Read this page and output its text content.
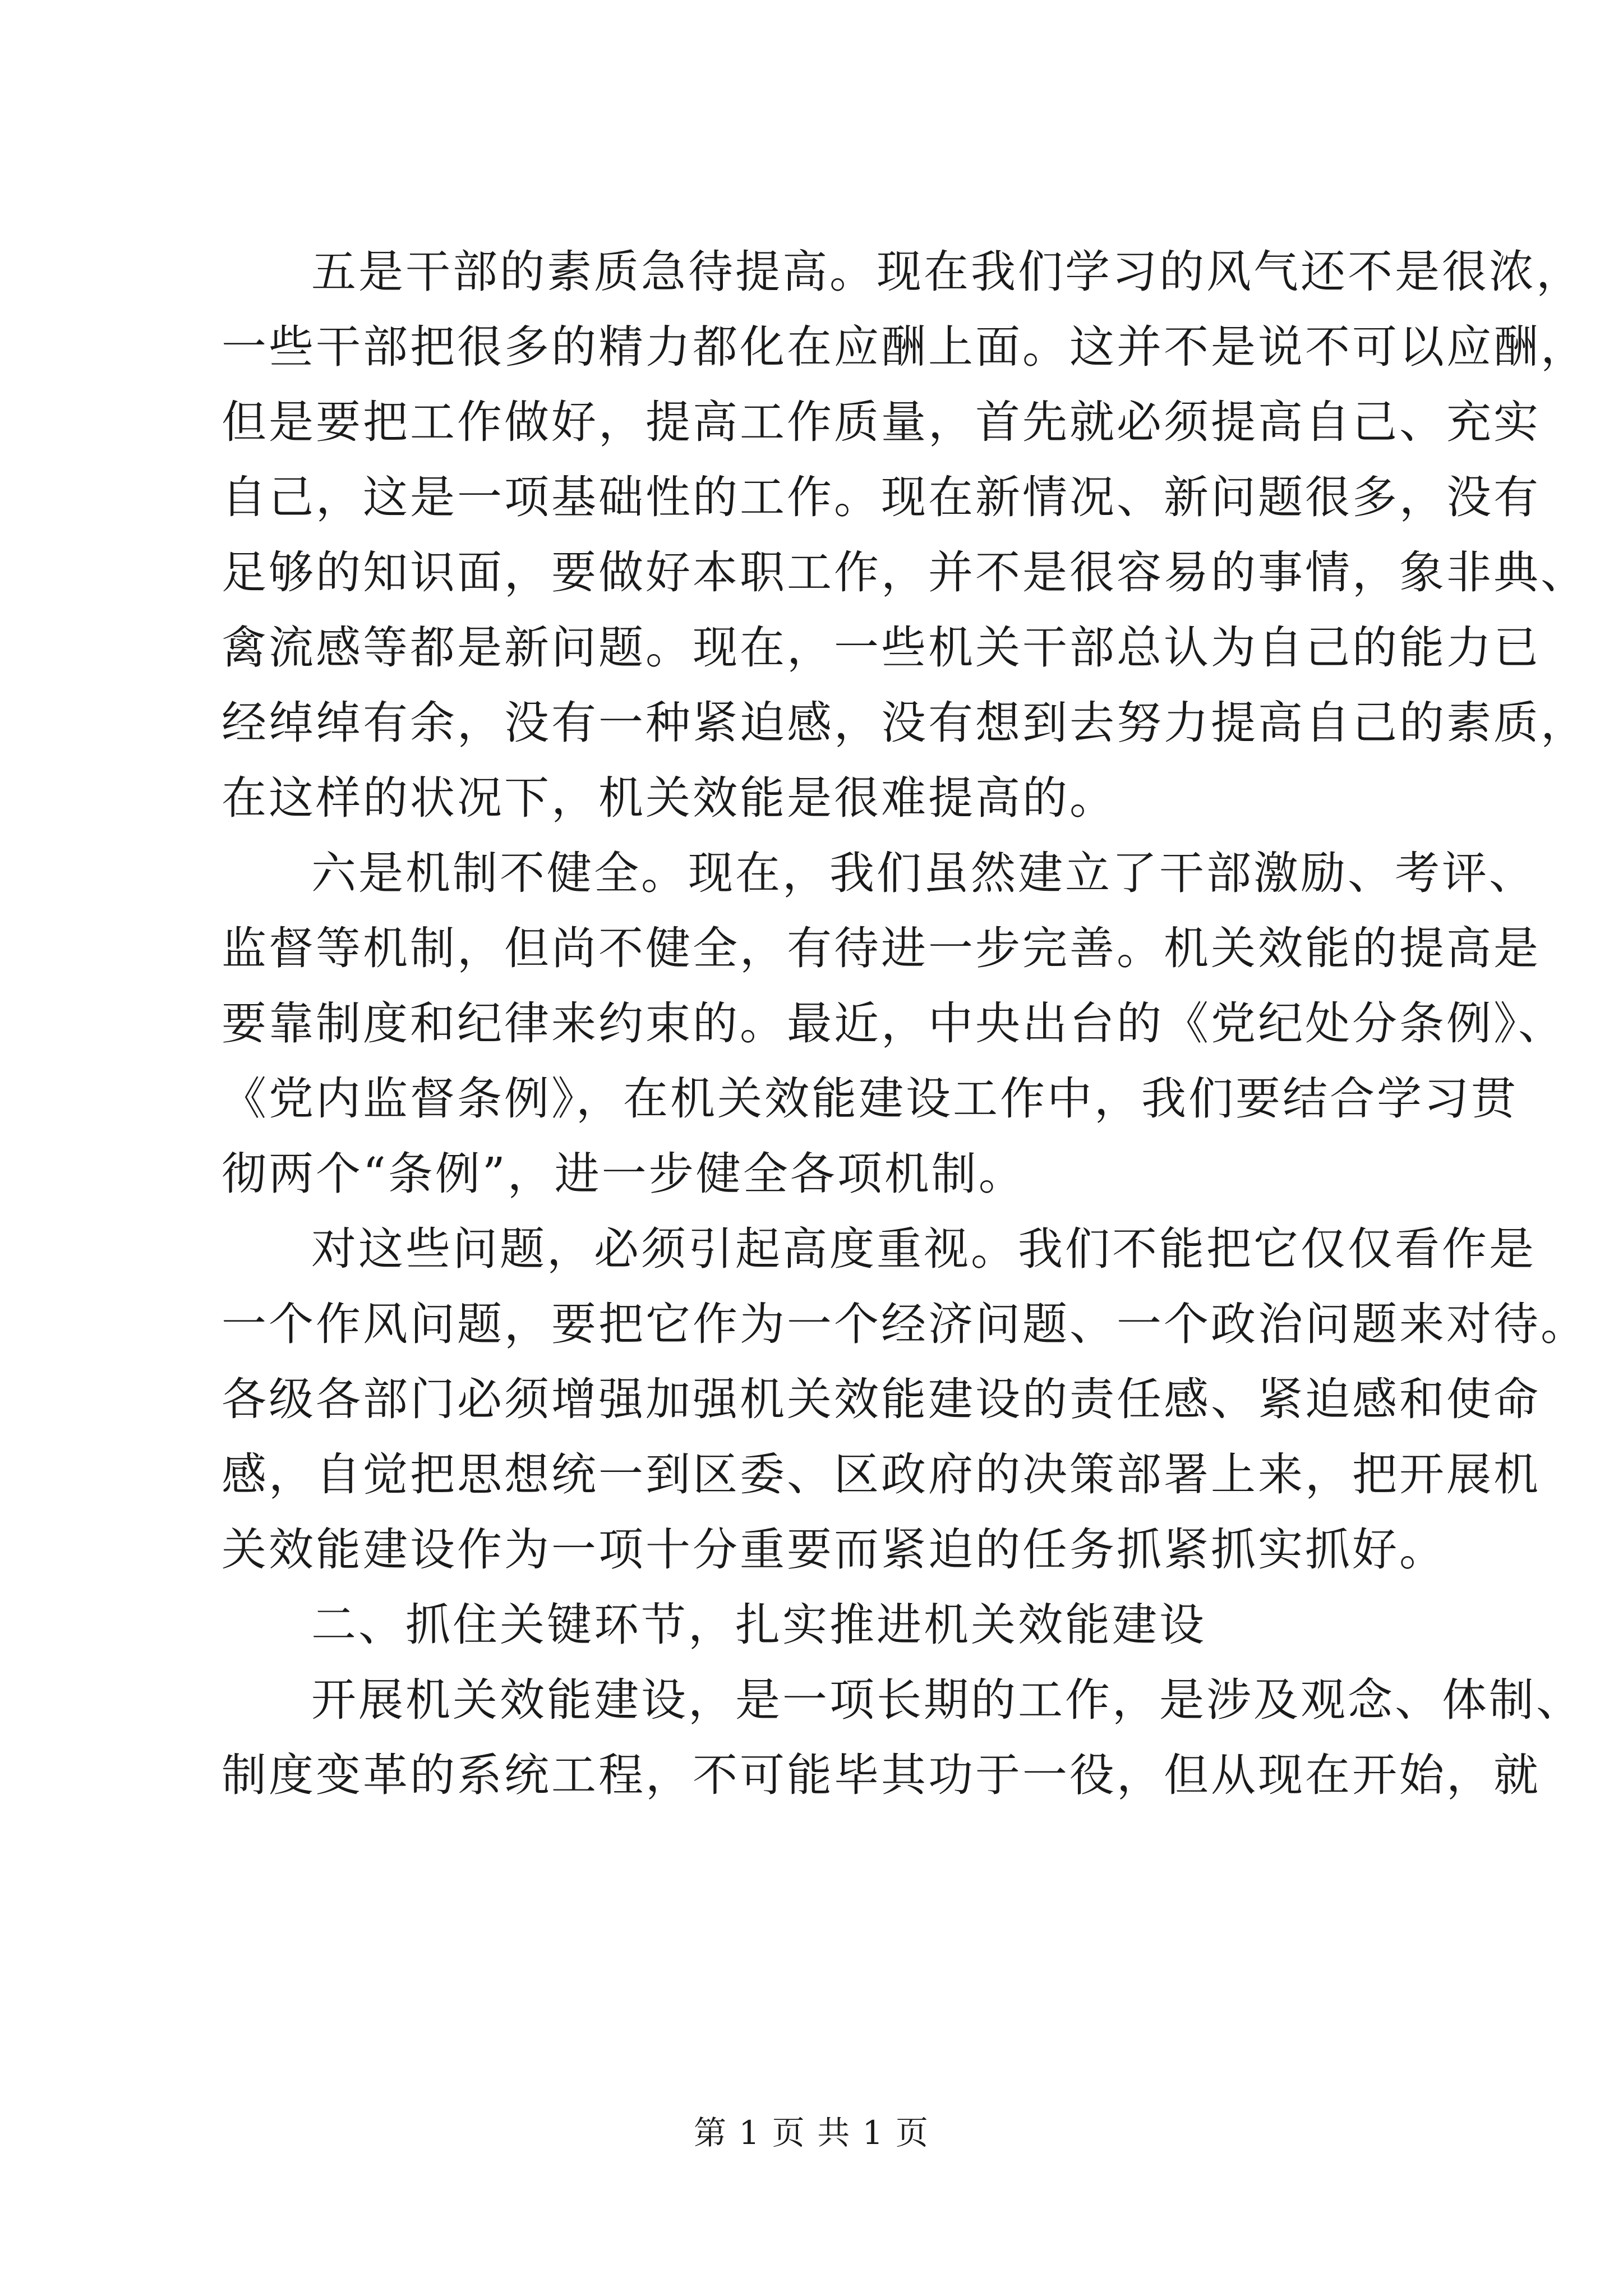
五是干部的素质急待提高。现在我们学习的风气还不是很浓，
一些干部把很多的精力都化在应酬上面。这并不是说不可以应酬，
但是要把工作做好，提高工作质量，首先就必须提高自己、充实
自己，这是一项基础性的工作。现在新情况、新问题很多，没有
足够的知识面，要做好本职工作，并不是很容易的事情，象非典、
禽流感等都是新问题。现在，一些机关干部总认为自己的能力已
经绰绰有余，没有一种紧迫感，没有想到去努力提高自己的素质，
在这样的状况下，机关效能是很难提高的。
六是机制不健全。现在，我们虽然建立了干部激励、考评、
监督等机制，但尚不健全，有待进一步完善。机关效能的提高是
要靠制度和纪律来约束的。最近，中央出台的《党纪处分条例》、
《党内监督条例》，在机关效能建设工作中，我们要结合学习贯
彻两个“条例”，进一步健全各项机制。
对这些问题，必须引起高度重视。我们不能把它仅仅看作是
一个作风问题，要把它作为一个经济问题、一个政治问题来对待。
各级各部门必须增强加强机关效能建设的责任感、紧迫感和使命
感，自觉把思想统一到区委、区政府的决策部署上来，把开展机
关效能建设作为一项十分重要而紧迫的任务抓紧抓实抓好。
二、抓住关键环节，扎实推进机关效能建设
开展机关效能建设，是一项长期的工作，是涉及观念、体制、
制度变革的系统工程，不可能毕其功于一役，但从现在开始，就
第 1 页 共 1 页
